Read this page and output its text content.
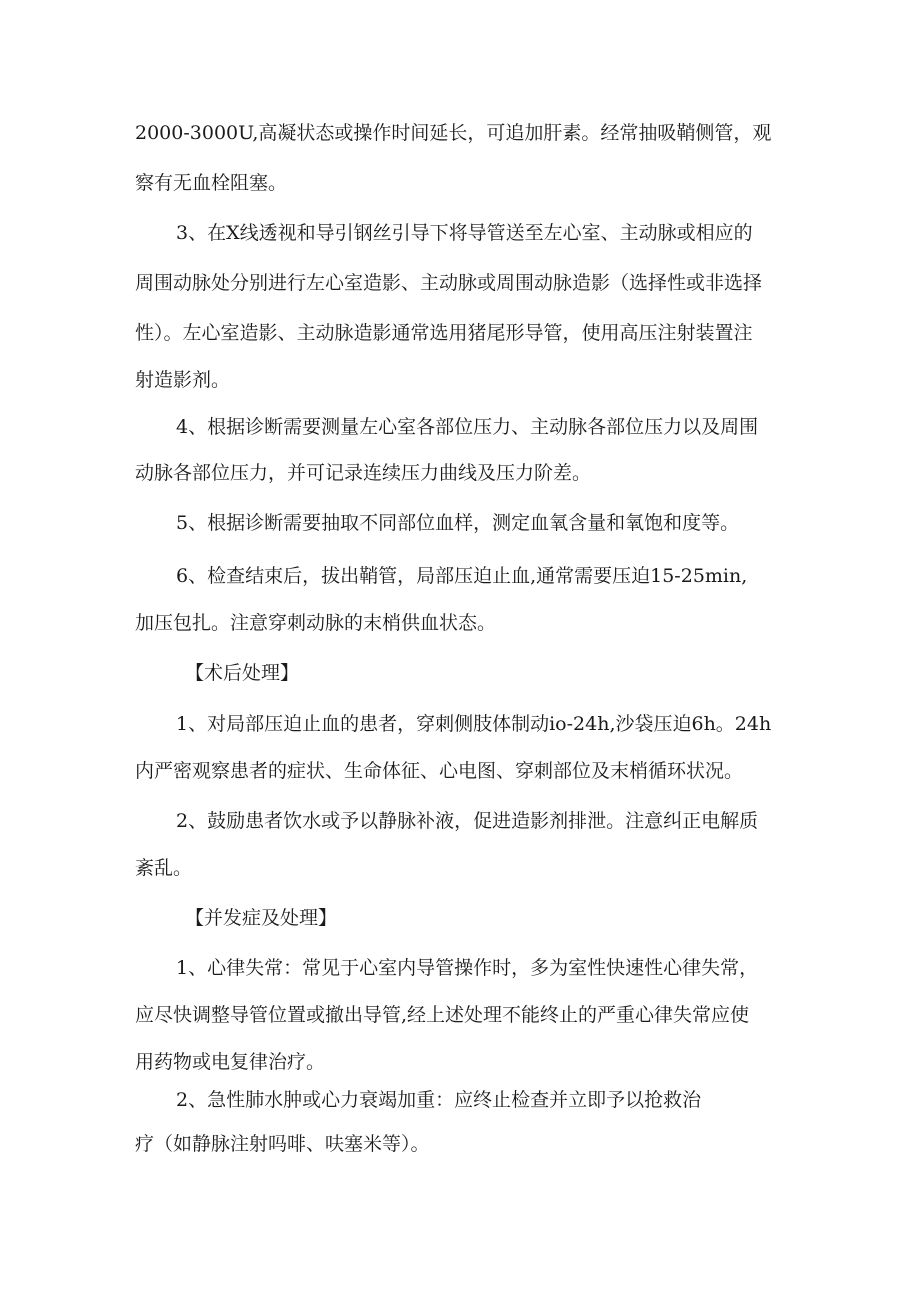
2000-3000U,高凝状态或操作时间延长，可追加肝素。经常抽吸鞘侧管，观
察有无血栓阻塞。
3、在X线透视和导引钢丝引导下将导管送至左心室、主动脉或相应的
周围动脉处分别进行左心室造影、主动脉或周围动脉造影（选择性或非选择
性）。左心室造影、主动脉造影通常选用猪尾形导管，使用高压注射装置注
射造影剂。
4、根据诊断需要测量左心室各部位压力、主动脉各部位压力以及周围
动脉各部位压力，并可记录连续压力曲线及压力阶差。
5、根据诊断需要抽取不同部位血样，测定血氧含量和氧饱和度等。
6、检查结束后，拔出鞘管，局部压迫止血,通常需要压迫15-25min,
加压包扎。注意穿刺动脉的末梢供血状态。
【术后处理】
1、对局部压迫止血的患者，穿刺侧肢体制动io-24h,沙袋压迫6h。24h
内严密观察患者的症状、生命体征、心电图、穿刺部位及末梢循环状况。
2、鼓励患者饮水或予以静脉补液，促进造影剂排泄。注意纠正电解质
紊乱。
【并发症及处理】
1、心律失常：常见于心室内导管操作时，多为室性快速性心律失常，
应尽快调整导管位置或撤出导管,经上述处理不能终止的严重心律失常应使
用药物或电复律治疗。
2、急性肺水肿或心力衰竭加重：应终止检查并立即予以抢救治
疗（如静脉注射吗啡、呋塞米等）。
